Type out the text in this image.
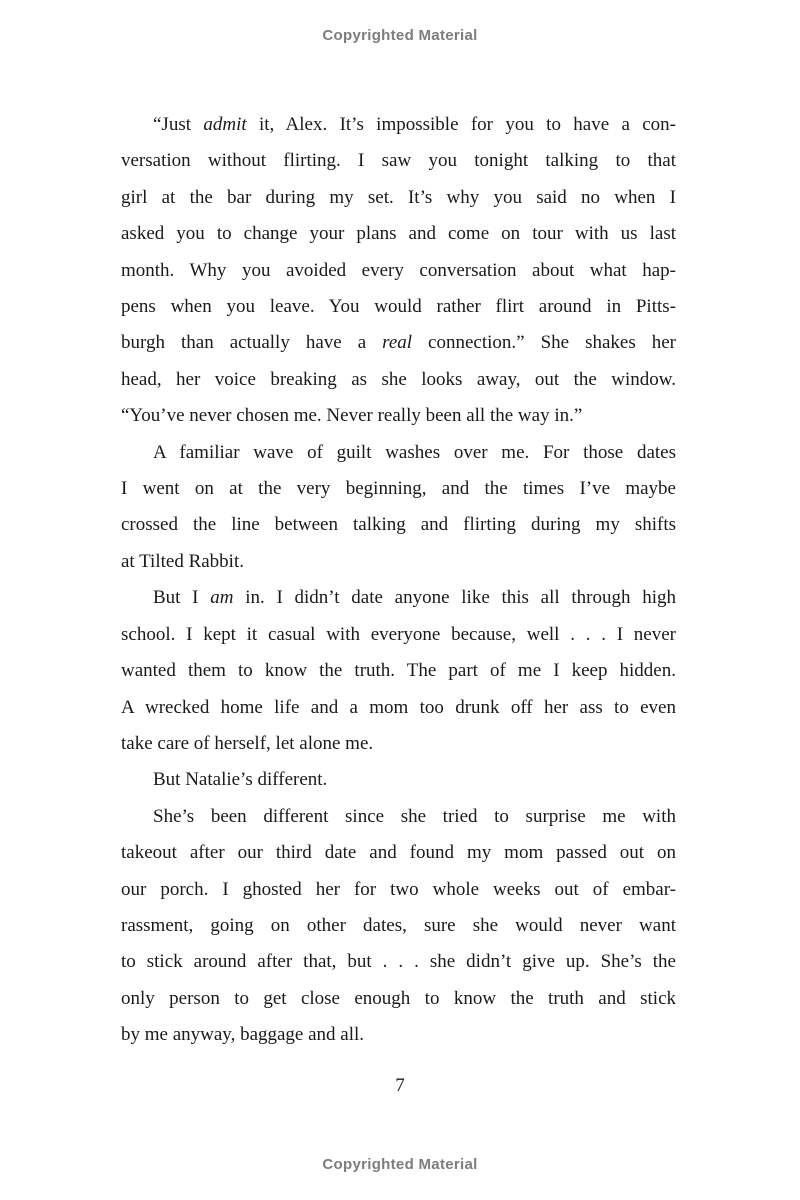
Copyrighted Material
“Just admit it, Alex. It’s impossible for you to have a con-
versation without flirting. I saw you tonight talking to that
girl at the bar during my set. It’s why you said no when I
asked you to change your plans and come on tour with us last
month. Why you avoided every conversation about what hap-
pens when you leave. You would rather flirt around in Pitts-
burgh than actually have a real connection.” She shakes her
head, her voice breaking as she looks away, out the window.
“You’ve never chosen me. Never really been all the way in.”
A familiar wave of guilt washes over me. For those dates
I went on at the very beginning, and the times I’ve maybe
crossed the line between talking and flirting during my shifts
at Tilted Rabbit.
But I am in. I didn’t date anyone like this all through high
school. I kept it casual with everyone because, well . . . I never
wanted them to know the truth. The part of me I keep hidden.
A wrecked home life and a mom too drunk off her ass to even
take care of herself, let alone me.
But Natalie’s different.
She’s been different since she tried to surprise me with
takeout after our third date and found my mom passed out on
our porch. I ghosted her for two whole weeks out of embar-
rassment, going on other dates, sure she would never want
to stick around after that, but . . . she didn’t give up. She’s the
only person to get close enough to know the truth and stick
by me anyway, baggage and all.
7
Copyrighted Material
